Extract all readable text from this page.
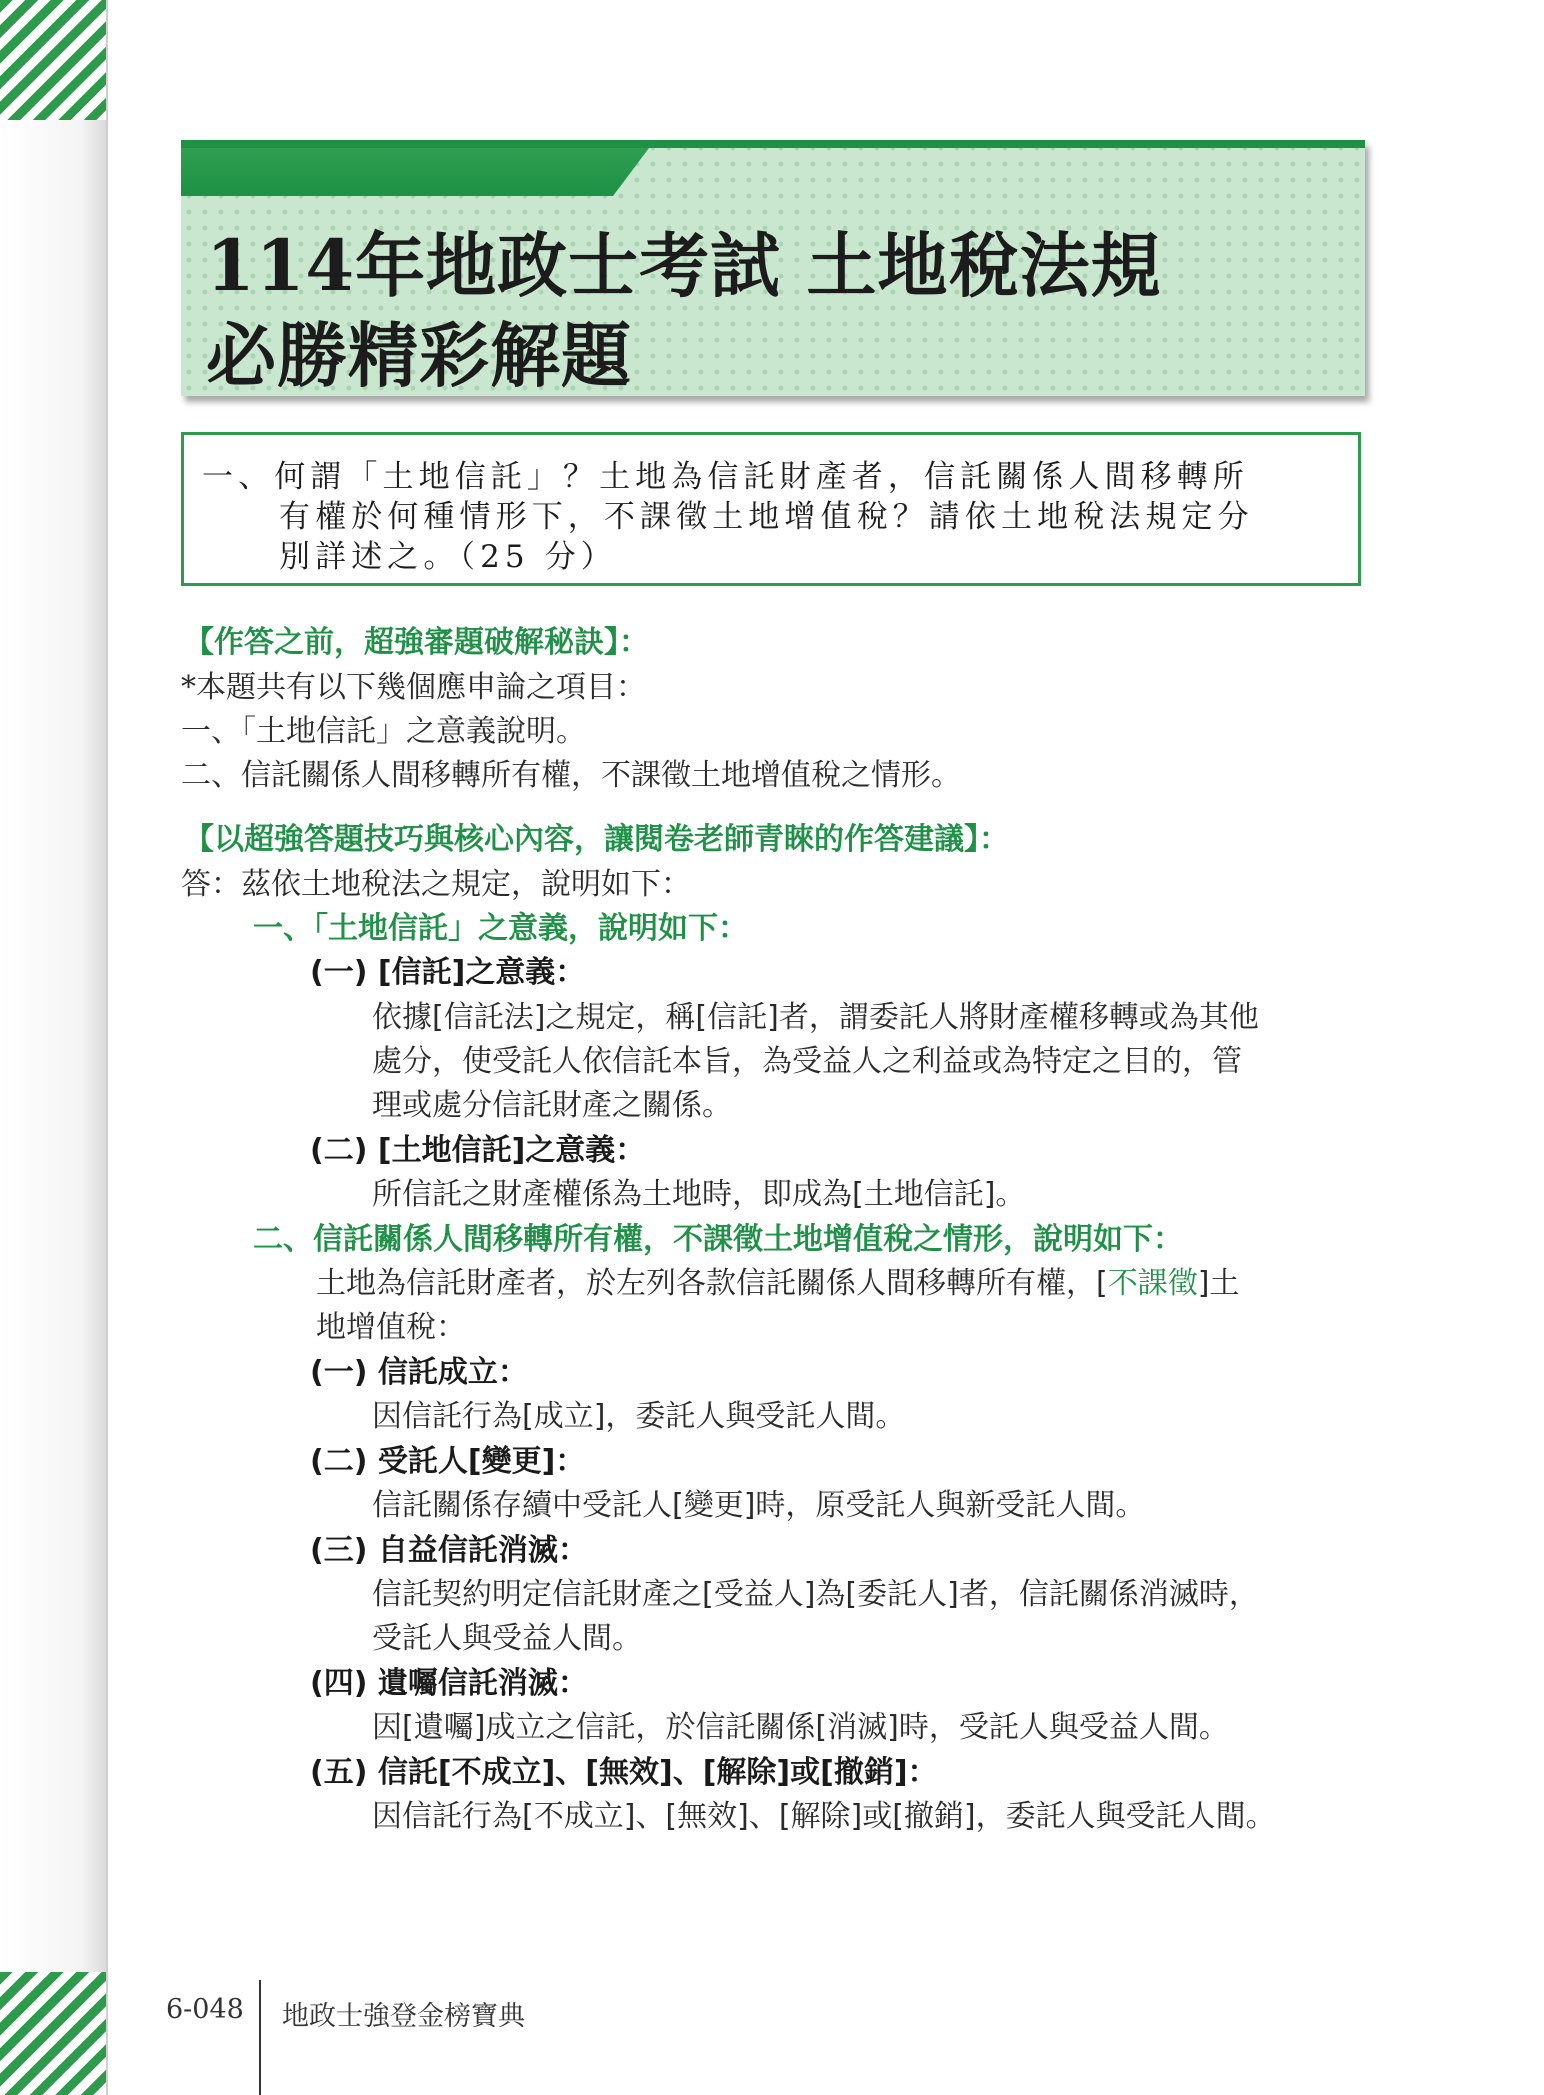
114年地政士考試 土地稅法規
必勝精彩解題
一、何謂「土地信託」？土地為信託財產者，信託關係人間移轉所
有權於何種情形下，不課徵土地增值稅？請依土地稅法規定分
別詳述之。（25 分）
【作答之前，超強審題破解秘訣】：
*本題共有以下幾個應申論之項目：
一、「土地信託」之意義說明。
二、信託關係人間移轉所有權，不課徵土地增值稅之情形。
【以超強答題技巧與核心內容，讓閱卷老師青睞的作答建議】：
答：茲依土地稅法之規定，說明如下：
一、「土地信託」之意義，說明如下：
(一) [信託]之意義：
依據[信託法]之規定，稱[信託]者，謂委託人將財產權移轉或為其他
處分，使受託人依信託本旨，為受益人之利益或為特定之目的，管
理或處分信託財產之關係。
(二) [土地信託]之意義：
所信託之財產權係為土地時，即成為[土地信託]。
二、信託關係人間移轉所有權，不課徵土地增值稅之情形，說明如下：
土地為信託財產者，於左列各款信託關係人間移轉所有權，[不課徵]土
地增值稅：
(一) 信託成立：
因信託行為[成立]，委託人與受託人間。
(二) 受託人[變更]：
信託關係存續中受託人[變更]時，原受託人與新受託人間。
(三) 自益信託消滅：
信託契約明定信託財產之[受益人]為[委託人]者，信託關係消滅時，
受託人與受益人間。
(四) 遺囑信託消滅：
因[遺囑]成立之信託，於信託關係[消滅]時，受託人與受益人間。
(五) 信託[不成立]、[無效]、[解除]或[撤銷]：
因信託行為[不成立]、[無效]、[解除]或[撤銷]，委託人與受託人間。
6-048 地政士強登金榜寶典
